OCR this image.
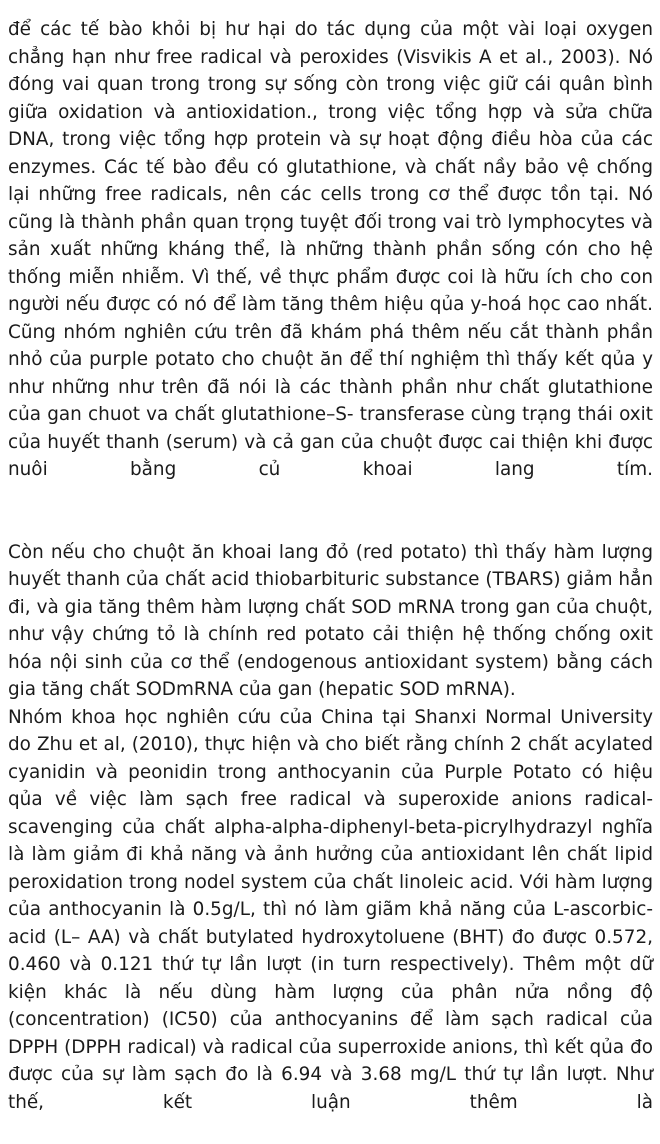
để các tế bào khỏi bị hư hại do tác dụng của một vài loại oxygen chẳng hạn như free radical và peroxides (Visvikis A et al., 2003). Nó đóng vai quan trong trong sự sống còn trong việc giữ cái quân bình giữa oxidation và antioxidation., trong việc tổng hợp và sửa chữa DNA, trong việc tổng hợp protein và sự hoạt động điều hòa của các enzymes. Các tế bào đều có glutathione, và chất nầy bảo vệ chống lại những free radicals, nên các cells trong cơ thể được tồn tại. Nó cũng là thành phần quan trọng tuyệt đối trong vai trò lymphocytes và sản xuất những kháng thể, là những thành phần sống cón cho hệ thống miễn nhiễm. Vì thế, về thực phẩm được coi là hữu ích cho con người nếu được có nó để làm tăng thêm hiệu qủa y-hoá học cao nhất. Cũng nhóm nghiên cứu trên đã khám phá thêm nếu cắt thành phần nhỏ của purple potato cho chuột ăn để thí nghiệm thì thấy kết qủa y như những như trên đã nói là các thành phần như chất glutathione của gan chuot va chất glutathione–S- transferase cùng trạng thái oxit của huyết thanh (serum) và cả gan của chuột được cai thiện khi được nuôi bằng củ khoai lang tím.

Còn nếu cho chuột ăn khoai lang đỏ (red potato) thì thấy hàm lượng huyết thanh của chất acid thiobarbituric substance (TBARS) giảm hẳn đi, và gia tăng thêm hàm lượng chất SOD mRNA trong gan của chuột, như vậy chứng tỏ là chính red potato cải thiện hệ thống chống oxit hóa nội sinh của cơ thể (endogenous antioxidant system) bằng cách gia tăng chất SODmRNA của gan (hepatic SOD mRNA).

Nhóm khoa học nghiên cứu của China tại Shanxi Normal University do Zhu et al, (2010), thực hiện và cho biết rằng chính 2 chất acylated cyanidin và peonidin trong anthocyanin của Purple Potato có hiệu qủa về việc làm sạch free radical và superoxide anions radical-scavenging của chất alpha-alpha-diphenyl-beta-picrylhydrazyl nghĩa là làm giảm đi khả năng và ảnh hưởng của antioxidant lên chất lipid peroxidation trong nodel system của chất linoleic acid. Với hàm lượng của anthocyanin là 0.5g/L, thì nó làm giãm khả năng của L-ascorbic-acid (L– AA) và chất butylated hydroxytoluene (BHT) đo được 0.572, 0.460 và 0.121 thứ tự lần lượt (in turn respectively). Thêm một dữ kiện khác là nếu dùng hàm lượng của phân nửa nồng độ (concentration) (IC50) của anthocyanins để làm sạch radical của DPPH (DPPH radical) và radical của superroxide anions, thì kết qủa đo được của sự làm sạch đo là 6.94 và 3.68 mg/L thứ tự lần lượt. Như thế, kết luận thêm là
